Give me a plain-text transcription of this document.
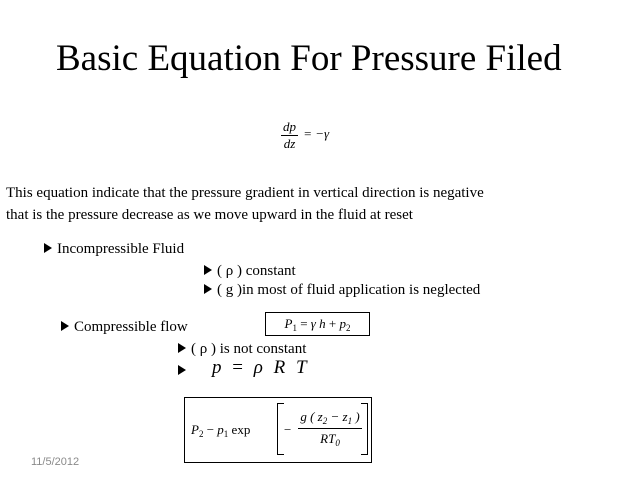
Basic Equation For Pressure Filed
$\frac{dp}{dz} = -\gamma$
This equation indicate that the pressure gradient in vertical direction is negative
that is the pressure decrease as we move upward in the fluid at reset
Incompressible Fluid
( ρ ) constant
( g )in most of fluid application is neglected
$P_1 = \gamma$ $h + p_2$
Compressible flow
( ρ ) is not constant
p = ρ R T
$P_2 - p_1$ exp	− $\frac{g ( z_2 - z_1 )}{RT_0}$
11/5/2012
